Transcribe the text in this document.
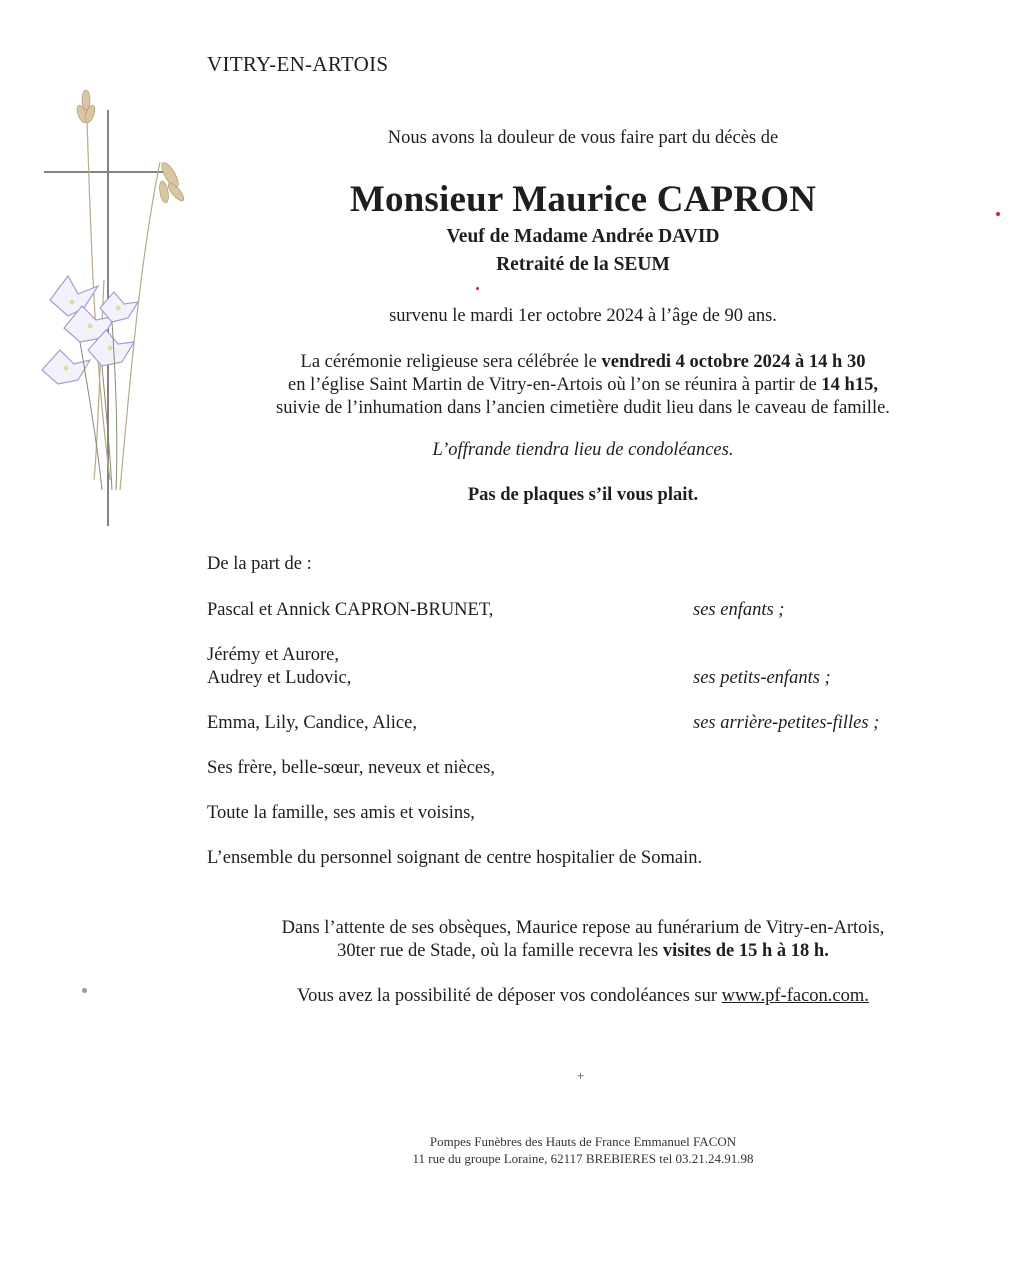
VITRY-EN-ARTOIS
Nous avons la douleur de vous faire part du décès de
Monsieur Maurice CAPRON
Veuf de Madame Andrée DAVID
Retraité de la SEUM
survenu le mardi 1er octobre 2024 à l’âge de 90 ans.
La cérémonie religieuse sera célébrée le vendredi 4 octobre 2024 à 14 h 30
en l’église Saint Martin de Vitry-en-Artois où l’on se réunira à partir de 14 h15,
suivie de l’inhumation dans l’ancien cimetière dudit lieu dans le caveau de famille.
L’offrande tiendra lieu de condoléances.
Pas de plaques s’il vous plait.
De la part de :
Pascal et Annick CAPRON-BRUNET,	ses enfants ;
Jérémy et Aurore,
Audrey et Ludovic,	ses petits-enfants ;
Emma, Lily, Candice, Alice,	ses arrière-petites-filles ;
Ses frère, belle-sœur, neveux et nièces,
Toute la famille, ses amis et voisins,
L’ensemble du personnel soignant de centre hospitalier de Somain.
Dans l’attente de ses obsèques, Maurice repose au funérarium de Vitry-en-Artois,
30ter rue de Stade, où la famille recevra les visites de 15 h à 18 h.
Vous avez la possibilité de déposer vos condoléances sur www.pf-facon.com.
+
Pompes Funèbres des Hauts de France Emmanuel FACON
11 rue du groupe Loraine, 62117 BREBIERES tel 03.21.24.91.98
